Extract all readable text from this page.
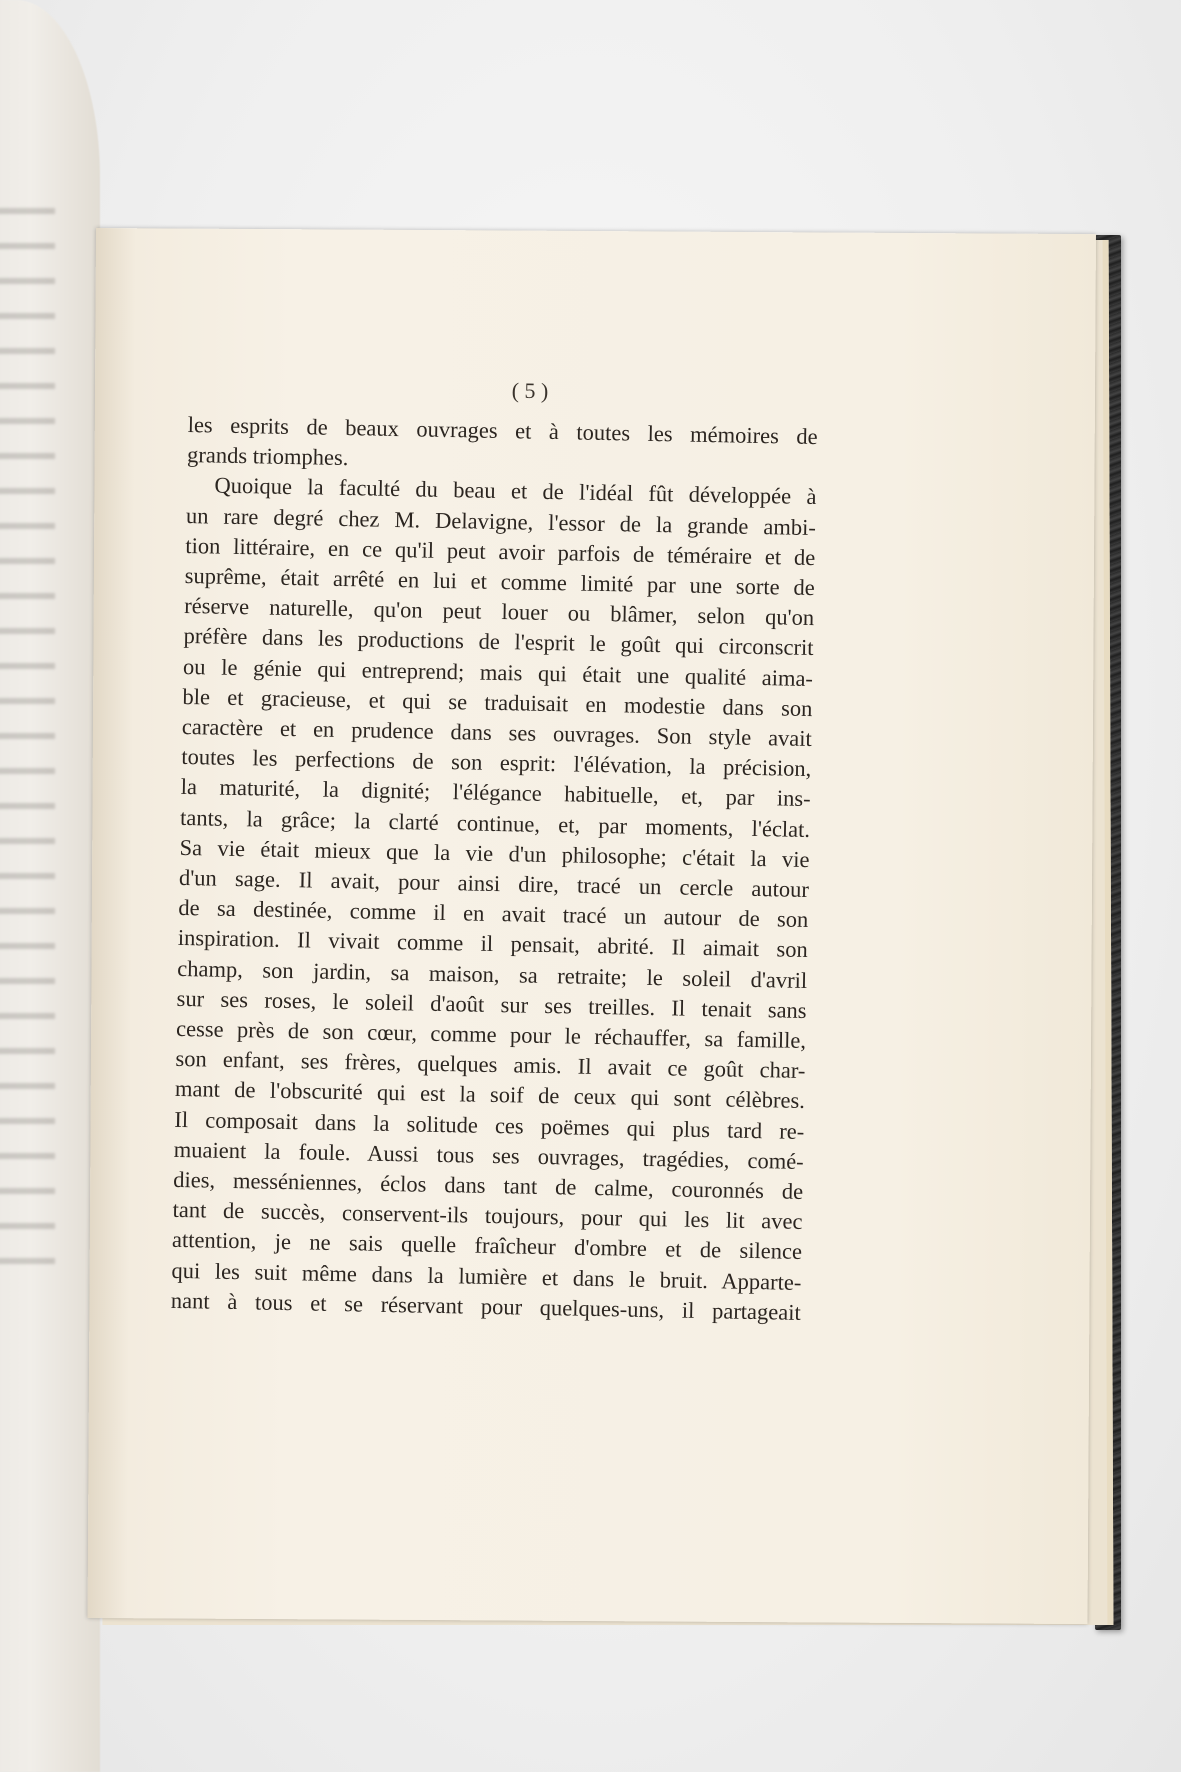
( 5 )
les esprits de beaux ouvrages et à toutes les mémoires de
grands triomphes.
Quoique la faculté du beau et de l'idéal fût développée à
un rare degré chez M. Delavigne, l'essor de la grande ambi-
tion littéraire, en ce qu'il peut avoir parfois de téméraire et de
suprême, était arrêté en lui et comme limité par une sorte de
réserve naturelle, qu'on peut louer ou blâmer, selon qu'on
préfère dans les productions de l'esprit le goût qui circonscrit
ou le génie qui entreprend; mais qui était une qualité aima-
ble et gracieuse, et qui se traduisait en modestie dans son
caractère et en prudence dans ses ouvrages. Son style avait
toutes les perfections de son esprit: l'élévation, la précision,
la maturité, la dignité; l'élégance habituelle, et, par ins-
tants, la grâce; la clarté continue, et, par moments, l'éclat.
Sa vie était mieux que la vie d'un philosophe; c'était la vie
d'un sage. Il avait, pour ainsi dire, tracé un cercle autour
de sa destinée, comme il en avait tracé un autour de son
inspiration. Il vivait comme il pensait, abrité. Il aimait son
champ, son jardin, sa maison, sa retraite; le soleil d'avril
sur ses roses, le soleil d'août sur ses treilles. Il tenait sans
cesse près de son cœur, comme pour le réchauffer, sa famille,
son enfant, ses frères, quelques amis. Il avait ce goût char-
mant de l'obscurité qui est la soif de ceux qui sont célèbres.
Il composait dans la solitude ces poëmes qui plus tard re-
muaient la foule. Aussi tous ses ouvrages, tragédies, comé-
dies, messéniennes, éclos dans tant de calme, couronnés de
tant de succès, conservent-ils toujours, pour qui les lit avec
attention, je ne sais quelle fraîcheur d'ombre et de silence
qui les suit même dans la lumière et dans le bruit. Apparte-
nant à tous et se réservant pour quelques-uns, il partageait
